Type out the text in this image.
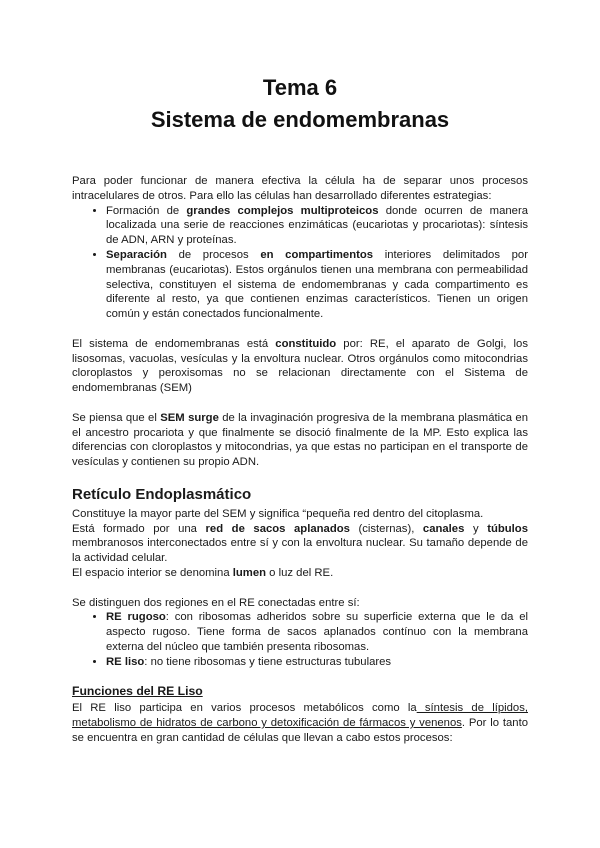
Tema 6
Sistema de endomembranas

Para poder funcionar de manera efectiva la célula ha de separar unos procesos intracelulares de otros. Para ello las células han desarrollado diferentes estrategias:

• Formación de grandes complejos multiproteicos donde ocurren de manera localizada una serie de reacciones enzimáticas (eucariotas y procariotas): síntesis de ADN, ARN y proteínas.
• Separación de procesos en compartimentos interiores delimitados por membranas (eucariotas). Estos orgánulos tienen una membrana con permeabilidad selectiva, constituyen el sistema de endomembranas y cada compartimento es diferente al resto, ya que contienen enzimas característicos. Tienen un origen común y están conectados funcionalmente.

El sistema de endomembranas está constituido por: RE, el aparato de Golgi, los lisosomas, vacuolas, vesículas y la envoltura nuclear. Otros orgánulos como mitocondrias cloroplastos y peroxisomas no se relacionan directamente con el Sistema de endomembranas (SEM)

Se piensa que el SEM surge de la invaginación progresiva de la membrana plasmática en el ancestro procariota y que finalmente se disoció finalmente de la MP. Esto explica las diferencias con cloroplastos y mitocondrias, ya que estas no participan en el transporte de vesículas y contienen su propio ADN.

Retículo Endoplasmático

Constituye la mayor parte del SEM y significa “pequeña red dentro del citoplasma.

Está formado por una red de sacos aplanados (cisternas), canales y túbulos membranosos interconectados entre sí y con la envoltura nuclear. Su tamaño depende de la actividad celular.

El espacio interior se denomina lumen o luz del RE.

Se distinguen dos regiones en el RE conectadas entre sí:

• RE rugoso: con ribosomas adheridos sobre su superficie externa que le da el aspecto rugoso. Tiene forma de sacos aplanados contínuo con la membrana externa del núcleo que también presenta ribosomas.
• RE liso: no tiene ribosomas y tiene estructuras tubulares
Funciones del RE Liso

El RE liso participa en varios procesos metabólicos como la síntesis de lípidos, metabolismo de hidratos de carbono y detoxificación de fármacos y venenos. Por lo tanto se encuentra en gran cantidad de células que llevan a cabo estos procesos:
